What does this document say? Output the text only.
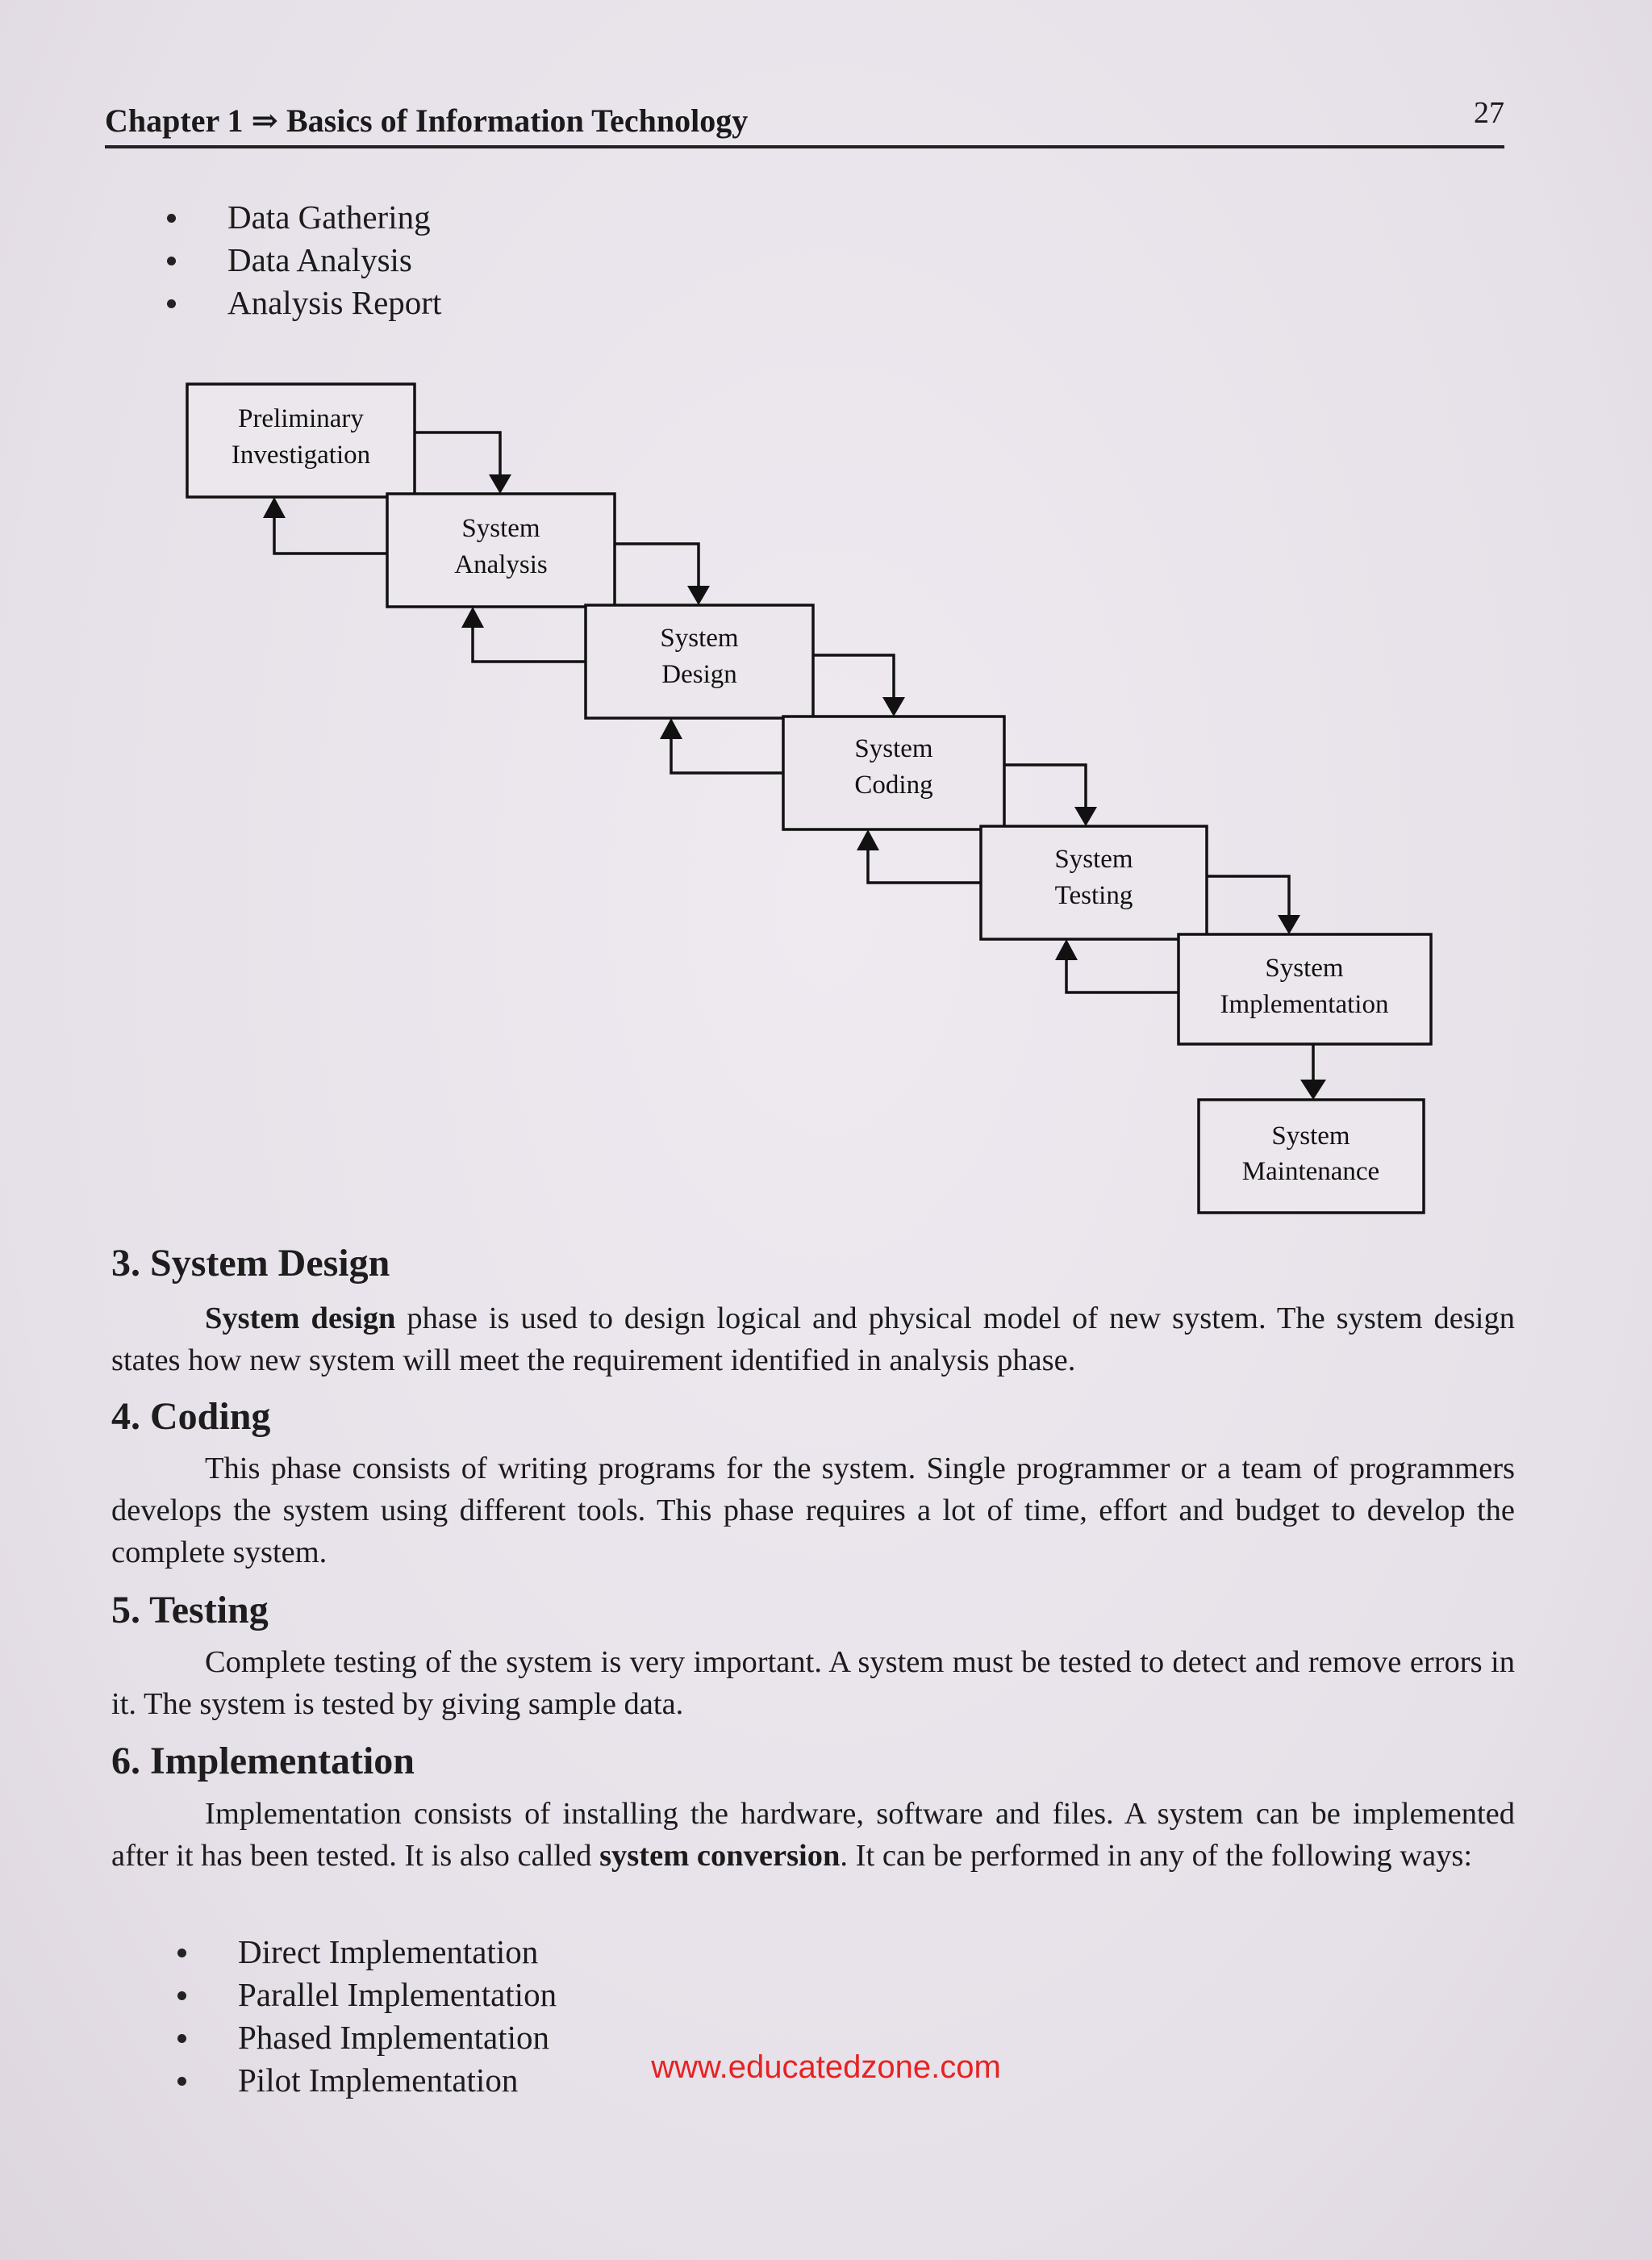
Chapter 1 ⇒ Basics of Information Technology	27
Data Gathering
Data Analysis
Analysis Report
Preliminary
Investigation
System
Analysis
System
Design
System
Coding
System
Testing
System
Implementation
System
Maintenance
3. System Design
System design phase is used to design logical and physical model of new system. The system design states how new system will meet the requirement identified in analysis phase.
4. Coding
This phase consists of writing programs for the system. Single programmer or a team of programmers develops the system using different tools. This phase requires a lot of time, effort and budget to develop the complete system.
5. Testing
Complete testing of the system is very important. A system must be tested to detect and remove errors in it. The system is tested by giving sample data.
6. Implementation
Implementation consists of installing the hardware, software and files. A system can be implemented after it has been tested. It is also called system conversion. It can be performed in any of the following ways:
Direct Implementation
Parallel Implementation
Phased Implementation
Pilot Implementation	www.educatedzone.com
